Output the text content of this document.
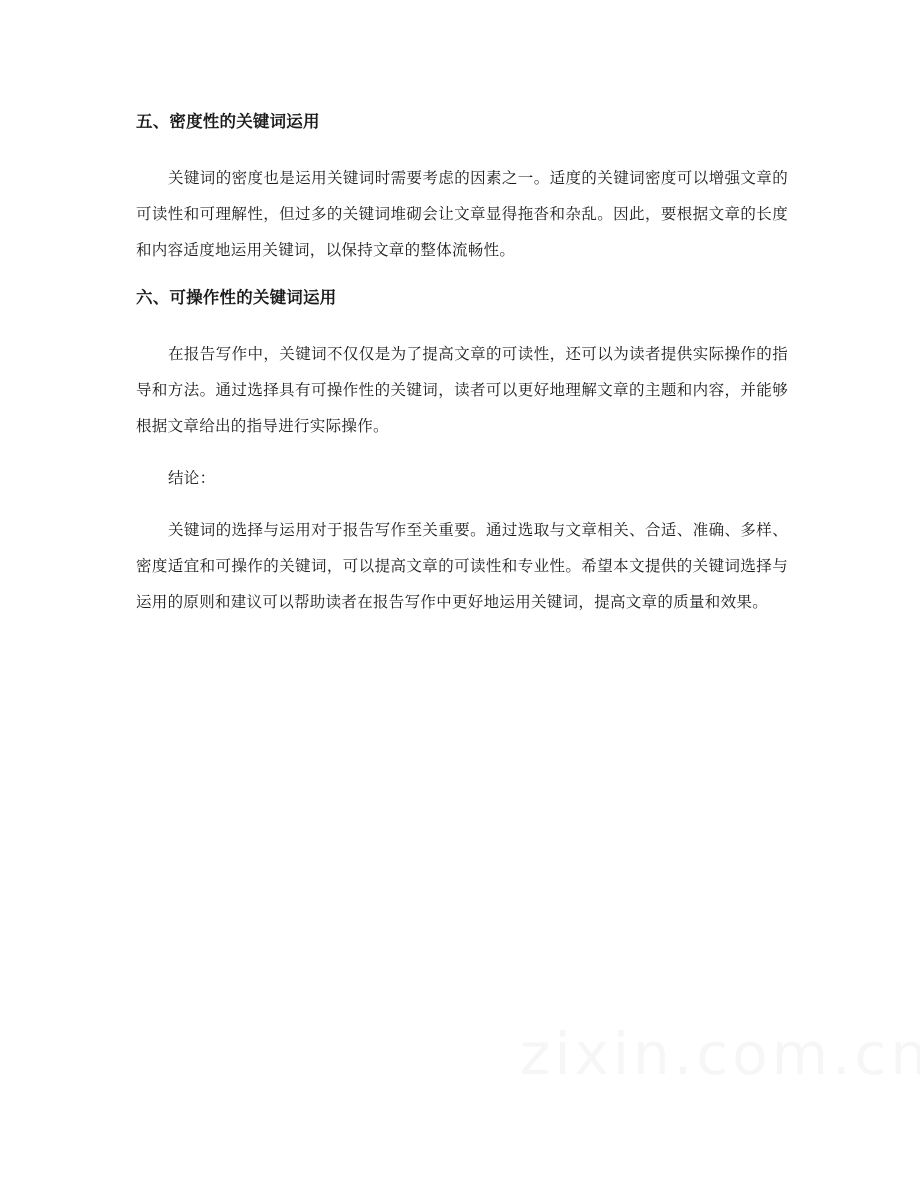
五、密度性的关键词运用

关键词的密度也是运用关键词时需要考虑的因素之一。适度的关键词密度可以增强文章的可读性和可理解性，但过多的关键词堆砌会让文章显得拖沓和杂乱。因此，要根据文章的长度和内容适度地运用关键词，以保持文章的整体流畅性。

六、可操作性的关键词运用

在报告写作中，关键词不仅仅是为了提高文章的可读性，还可以为读者提供实际操作的指导和方法。通过选择具有可操作性的关键词，读者可以更好地理解文章的主题和内容，并能够根据文章给出的指导进行实际操作。

结论：

关键词的选择与运用对于报告写作至关重要。通过选取与文章相关、合适、准确、多样、密度适宜和可操作的关键词，可以提高文章的可读性和专业性。希望本文提供的关键词选择与运用的原则和建议可以帮助读者在报告写作中更好地运用关键词，提高文章的质量和效果。
